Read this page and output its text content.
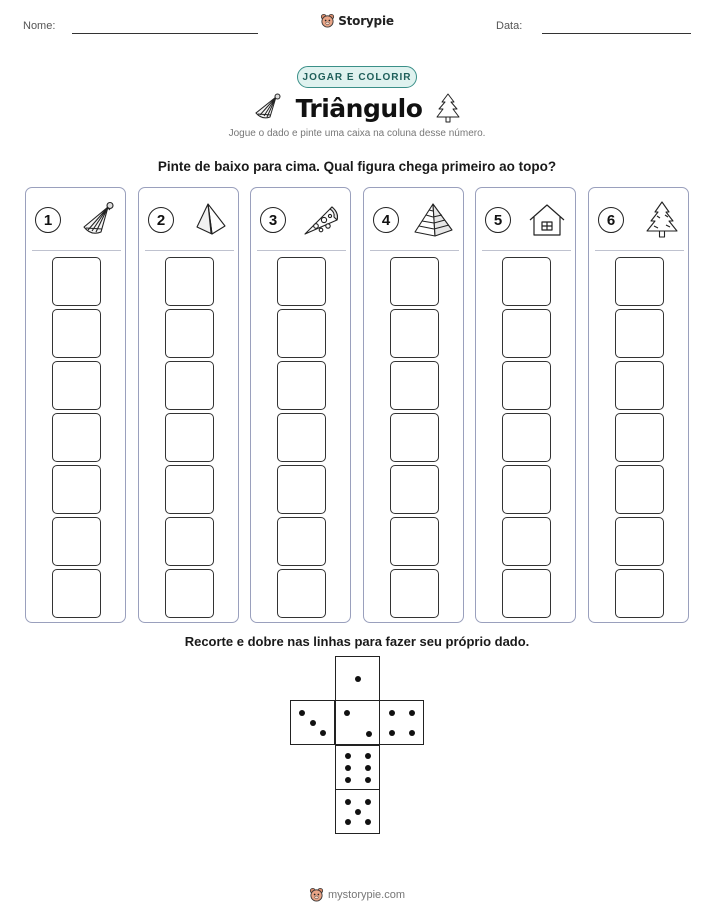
Nome:	Storypie	Data:
JOGAR E COLORIR
Triângulo
Jogue o dado e pinte uma caixa na coluna desse número.
Pinte de baixo para cima. Qual figura chega primeiro ao topo?
1	2	3	4	5	6
Recorte e dobre nas linhas para fazer seu próprio dado.
mystorypie.com
